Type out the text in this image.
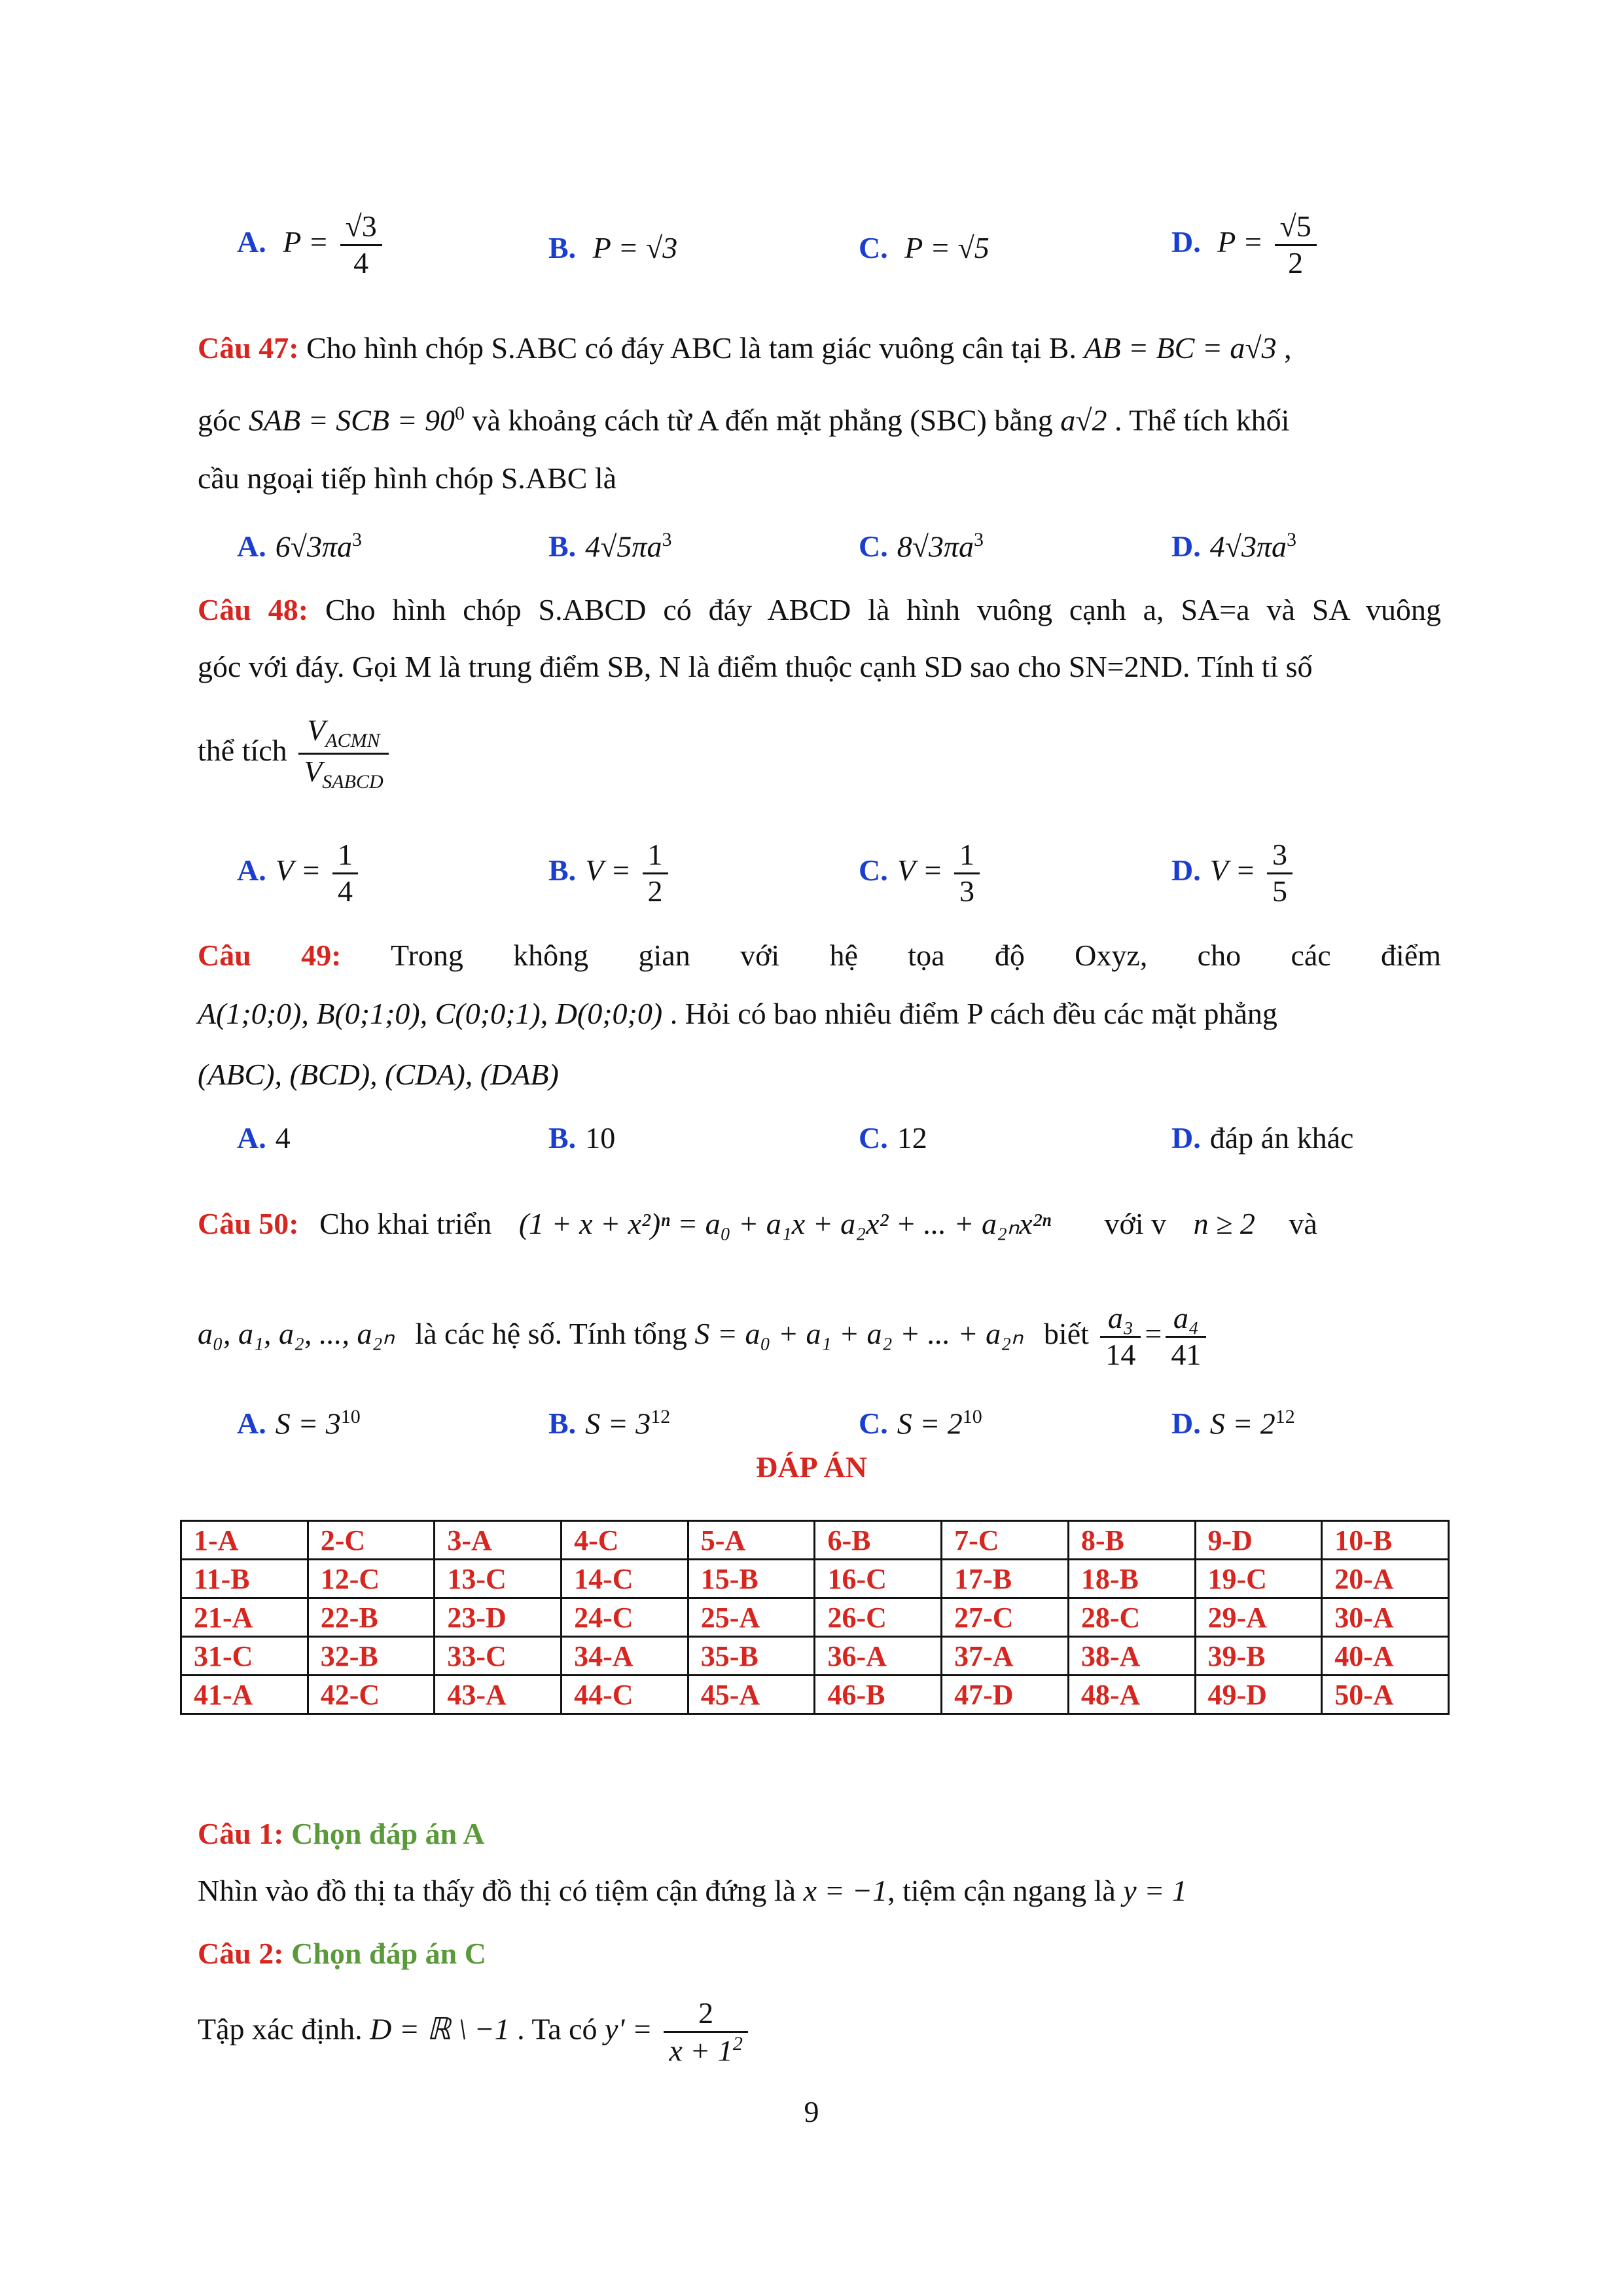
A. $P = \frac{√3}{4}$	B. P = √3	C. P = √5	D. $P = \frac{√5}{2}$
Câu 47: Cho hình chóp S.ABC có đáy ABC là tam giác vuông cân tại B. AB = BC = a√3 ,
góc SAB = SCB = $90^0$ và khoảng cách từ A đến mặt phẳng (SBC) bằng a√2 . Thể tích khối
cầu ngoại tiếp hình chóp S.ABC là
A. $6√3\pi a^3$	B. $4√5\pi a^3$	C. $8√3\pi a^3$	D. $4√3\pi a^3$
Câu 48: Cho hình chóp S.ABCD có đáy ABCD là hình vuông cạnh a, SA=a và SA vuông
góc với đáy. Gọi M là trung điểm SB, N là điểm thuộc cạnh SD sao cho SN=2ND. Tính tỉ số
thể tích $\frac{V_{ACMN}}{V_{SABCD}}$
A. $V = \frac{1}{4}$	B. $V = \frac{1}{2}$	C. $V = \frac{1}{3}$	D. $V = \frac{3}{5}$
Câu 49: Trong không gian với hệ tọa độ Oxyz, cho các điểm
A(1;0;0), B(0;1;0), C(0;0;1), D(0;0;0) . Hỏi có bao nhiêu điểm P cách đều các mặt phẳng
(ABC), (BCD), (CDA), (DAB)
A. 4	B. 10	C. 12	D. đáp án khác
Câu 50: Cho khai triển (1 + x + x²)ⁿ = a₀ + a₁x + a₂x² + ... + a₂ₙx²ⁿ với v n ≥ 2 và
a₀, a₁, a₂, ..., a₂ₙ là các hệ số. Tính tổng S = a₀ + a₁ + a₂ + ... + a₂ₙ biết $\frac{\text{a₃}}{14} = \frac{\text{a₄}}{41}$
A. $S = 3^{10}$	B. $S = 3^{12}$	C. $S = 2^{10}$	D. $S = 2^{12}$
ĐÁP ÁN
1-A	2-C	3-A	4-C	5-A	6-B	7-C	8-B	9-D	10-B
11-B	12-C	13-C	14-C	15-B	16-C	17-B	18-B	19-C	20-A
21-A	22-B	23-D	24-C	25-A	26-C	27-C	28-C	29-A	30-A
31-C	32-B	33-C	34-A	35-B	36-A	37-A	38-A	39-B	40-A
41-A	42-C	43-A	44-C	45-A	46-B	47-D	48-A	49-D	50-A
Câu 1: Chọn đáp án A
Nhìn vào đồ thị ta thấy đồ thị có tiệm cận đứng là x = −1, tiệm cận ngang là y = 1
Câu 2: Chọn đáp án C
Tập xác định. D = ℝ \ −1 . Ta có $y' = \frac{2}{x + 1^2}$
9
